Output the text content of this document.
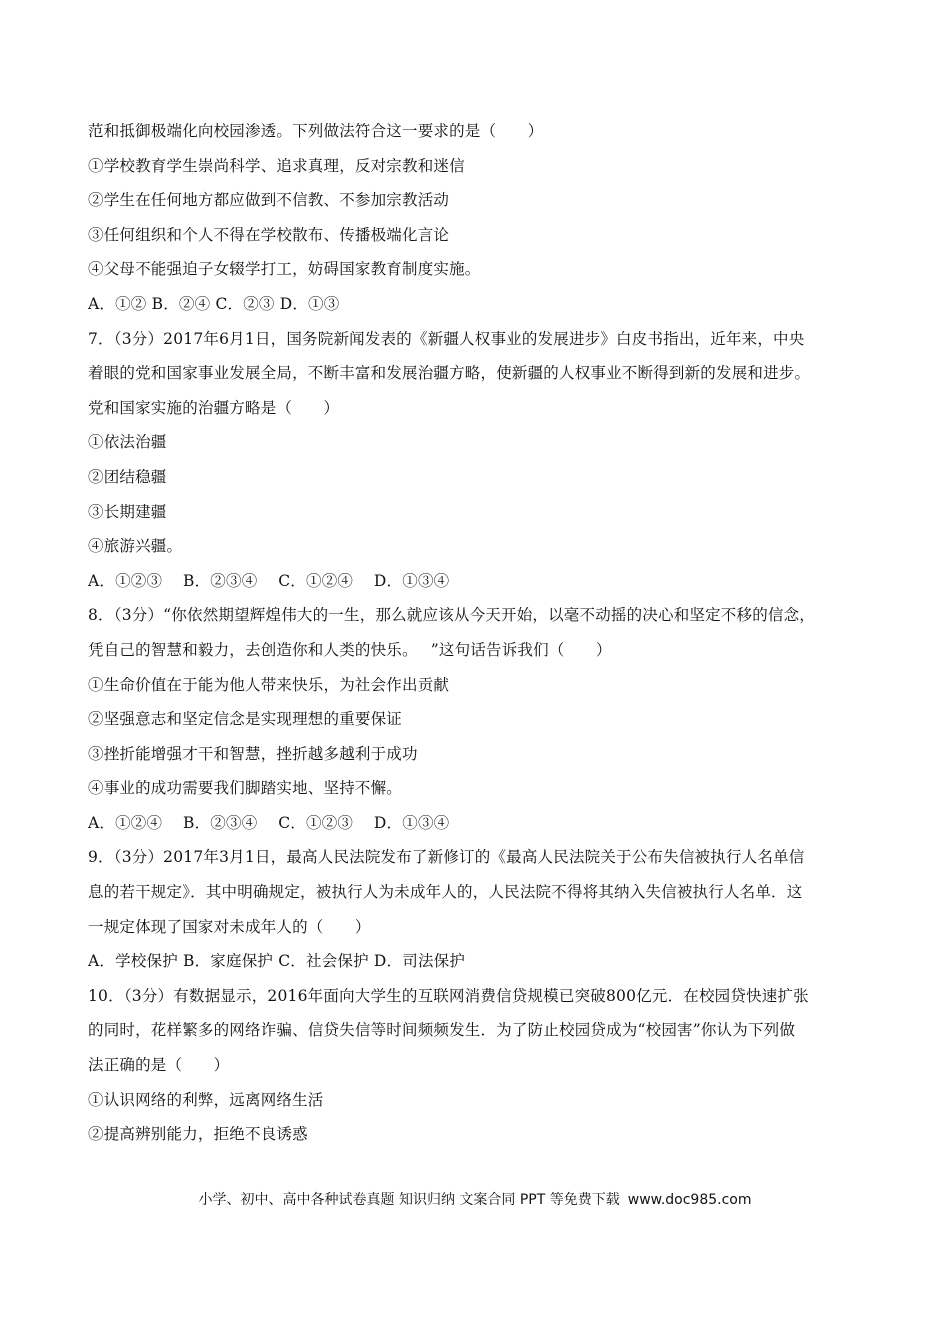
范和抵御极端化向校园渗透。下列做法符合这一要求的是（　　）
①学校教育学生崇尚科学、追求真理，反对宗教和迷信
②学生在任何地方都应做到不信教、不参加宗教活动
③任何组织和个人不得在学校散布、传播极端化言论
④父母不能强迫子女辍学打工，妨碍国家教育制度实施。
A．①② B．②④ C．②③ D．①③
7．（3分）2017年6月1日，国务院新闻发表的《新疆人权事业的发展进步》白皮书指出，近年来，中央
着眼的党和国家事业发展全局，不断丰富和发展治疆方略，使新疆的人权事业不断得到新的发展和进步。
党和国家实施的治疆方略是（　　）
①依法治疆
②团结稳疆
③长期建疆
④旅游兴疆。
A．①②③　 B．②③④　 C．①②④　 D．①③④
8．（3分）“你依然期望辉煌伟大的一生，那么就应该从今天开始，以毫不动摇的决心和坚定不移的信念，
凭自己的智慧和毅力，去创造你和人类的快乐。　 ”这句话告诉我们（　　）
①生命价值在于能为他人带来快乐，为社会作出贡献
②坚强意志和坚定信念是实现理想的重要保证
③挫折能增强才干和智慧，挫折越多越利于成功
④事业的成功需要我们脚踏实地、坚持不懈。
A．①②④　 B．②③④　 C．①②③　 D．①③④
9．（3分）2017年3月1日，最高人民法院发布了新修订的《最高人民法院关于公布失信被执行人名单信
息的若干规定》．其中明确规定，被执行人为未成年人的，人民法院不得将其纳入失信被执行人名单．这
一规定体现了国家对未成年人的（　　）
A．学校保护 B．家庭保护 C．社会保护 D．司法保护
10．（3分）有数据显示，2016年面向大学生的互联网消费信贷规模已突破800亿元．在校园贷快速扩张
的同时，花样繁多的网络诈骗、信贷失信等时间频频发生．为了防止校园贷成为“校园害”你认为下列做
法正确的是（　　）
①认识网络的利弊，远离网络生活
②提高辨别能力，拒绝不良诱惑
小学、初中、高中各种试卷真题 知识归纳 文案合同 PPT 等免费下载 www.doc985.com
